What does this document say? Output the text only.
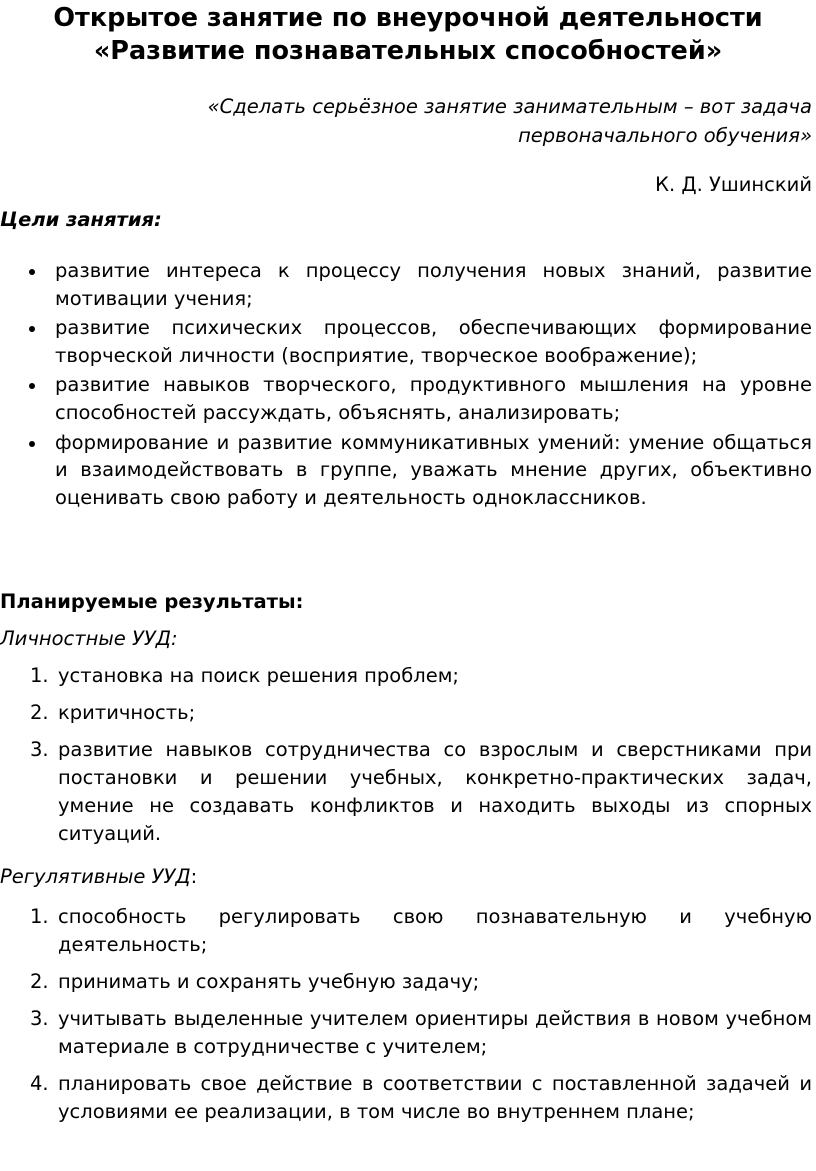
Открытое занятие по внеурочной деятельности
«Развитие познавательных способностей»
«Сделать серьёзное занятие занимательным – вот задача первоначального обучения»
К. Д. Ушинский
Цели занятия:
развитие интереса к процессу получения новых знаний, развитие мотивации учения;
развитие психических процессов, обеспечивающих формирование творческой личности (восприятие, творческое воображение);
развитие навыков творческого, продуктивного мышления на уровне способностей рассуждать, объяснять, анализировать;
формирование и развитие коммуникативных умений: умение общаться и взаимодействовать в группе, уважать мнение других, объективно оценивать свою работу и деятельность одноклассников.
Планируемые результаты:
Личностные УУД:
1. установка на поиск решения проблем;
2. критичность;
3. развитие навыков сотрудничества со взрослым и сверстниками при постановки и решении учебных, конкретно-практических задач, умение не создавать конфликтов и находить выходы из спорных ситуаций.
Регулятивные УУД:
1. способность регулировать свою познавательную и учебную деятельность;
2. принимать и сохранять учебную задачу;
3. учитывать выделенные учителем ориентиры действия в новом учебном материале в сотрудничестве с учителем;
4. планировать свое действие в соответствии с поставленной задачей и условиями ее реализации, в том числе во внутреннем плане;
